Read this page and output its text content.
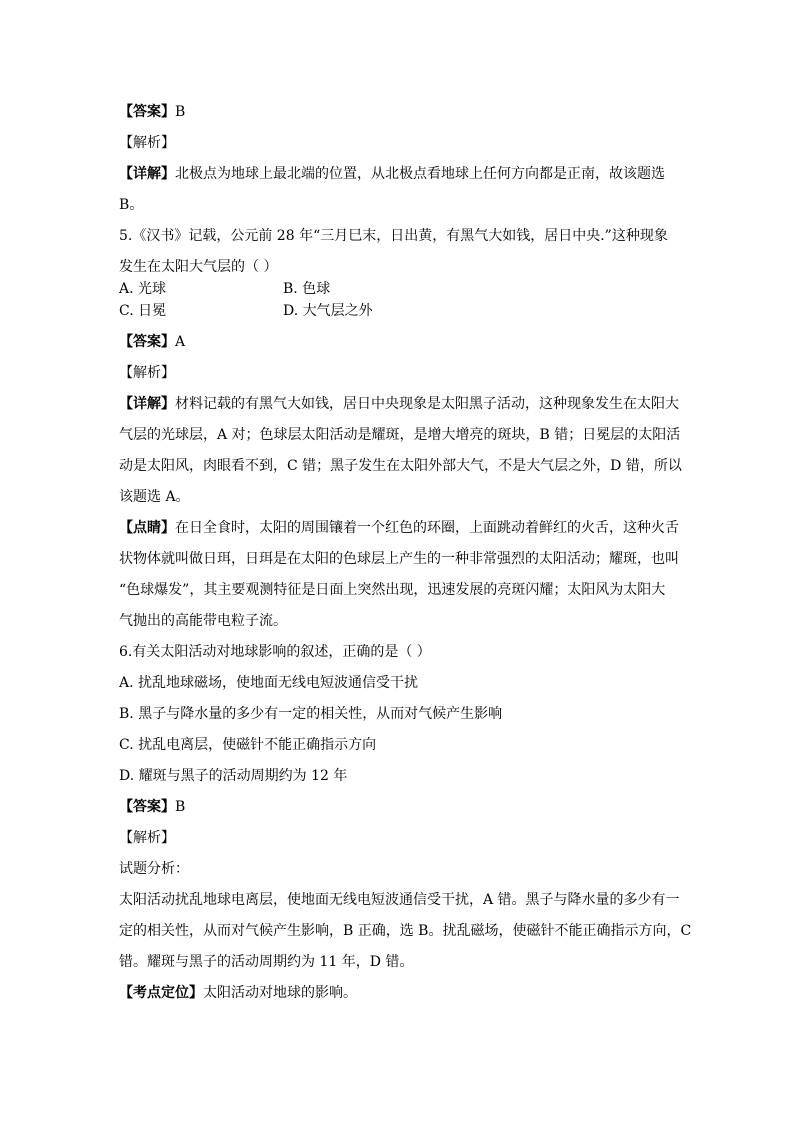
【答案】B

【解析】

【详解】北极点为地球上最北端的位置，从北极点看地球上任何方向都是正南，故该题选

B。

5.《汉书》记载，公元前 28 年“三月巳末，日出黄，有黑气大如钱，居日中央.”这种现象

发生在太阳大气层的（ ）

A. 光球	B. 色球
C. 日冕	D. 大气层之外

【答案】A

【解析】

【详解】材料记载的有黑气大如钱，居日中央现象是太阳黑子活动，这种现象发生在太阳大

气层的光球层，A 对；色球层太阳活动是耀斑，是增大增亮的斑块，B 错；日冕层的太阳活

动是太阳风，肉眼看不到，C 错；黑子发生在太阳外部大气，不是大气层之外，D 错，所以

该题选 A。

【点睛】在日全食时，太阳的周围镶着一个红色的环圈，上面跳动着鲜红的火舌，这种火舌

状物体就叫做日珥，日珥是在太阳的色球层上产生的一种非常强烈的太阳活动；耀斑，也叫

“色球爆发”，其主要观测特征是日面上突然出现，迅速发展的亮斑闪耀；太阳风为太阳大

气抛出的高能带电粒子流。

6.有关太阳活动对地球影响的叙述，正确的是（ ）

A. 扰乱地球磁场，使地面无线电短波通信受干扰

B. 黑子与降水量的多少有一定的相关性，从而对气候产生影响

C. 扰乱电离层，使磁针不能正确指示方向

D. 耀斑与黑子的活动周期约为 12 年

【答案】B

【解析】

试题分析：

太阳活动扰乱地球电离层，使地面无线电短波通信受干扰，A 错。黑子与降水量的多少有一

定的相关性，从而对气候产生影响，B 正确，选 B。扰乱磁场，使磁针不能正确指示方向，C

错。耀斑与黑子的活动周期约为 11 年，D 错。

【考点定位】太阳活动对地球的影响。
